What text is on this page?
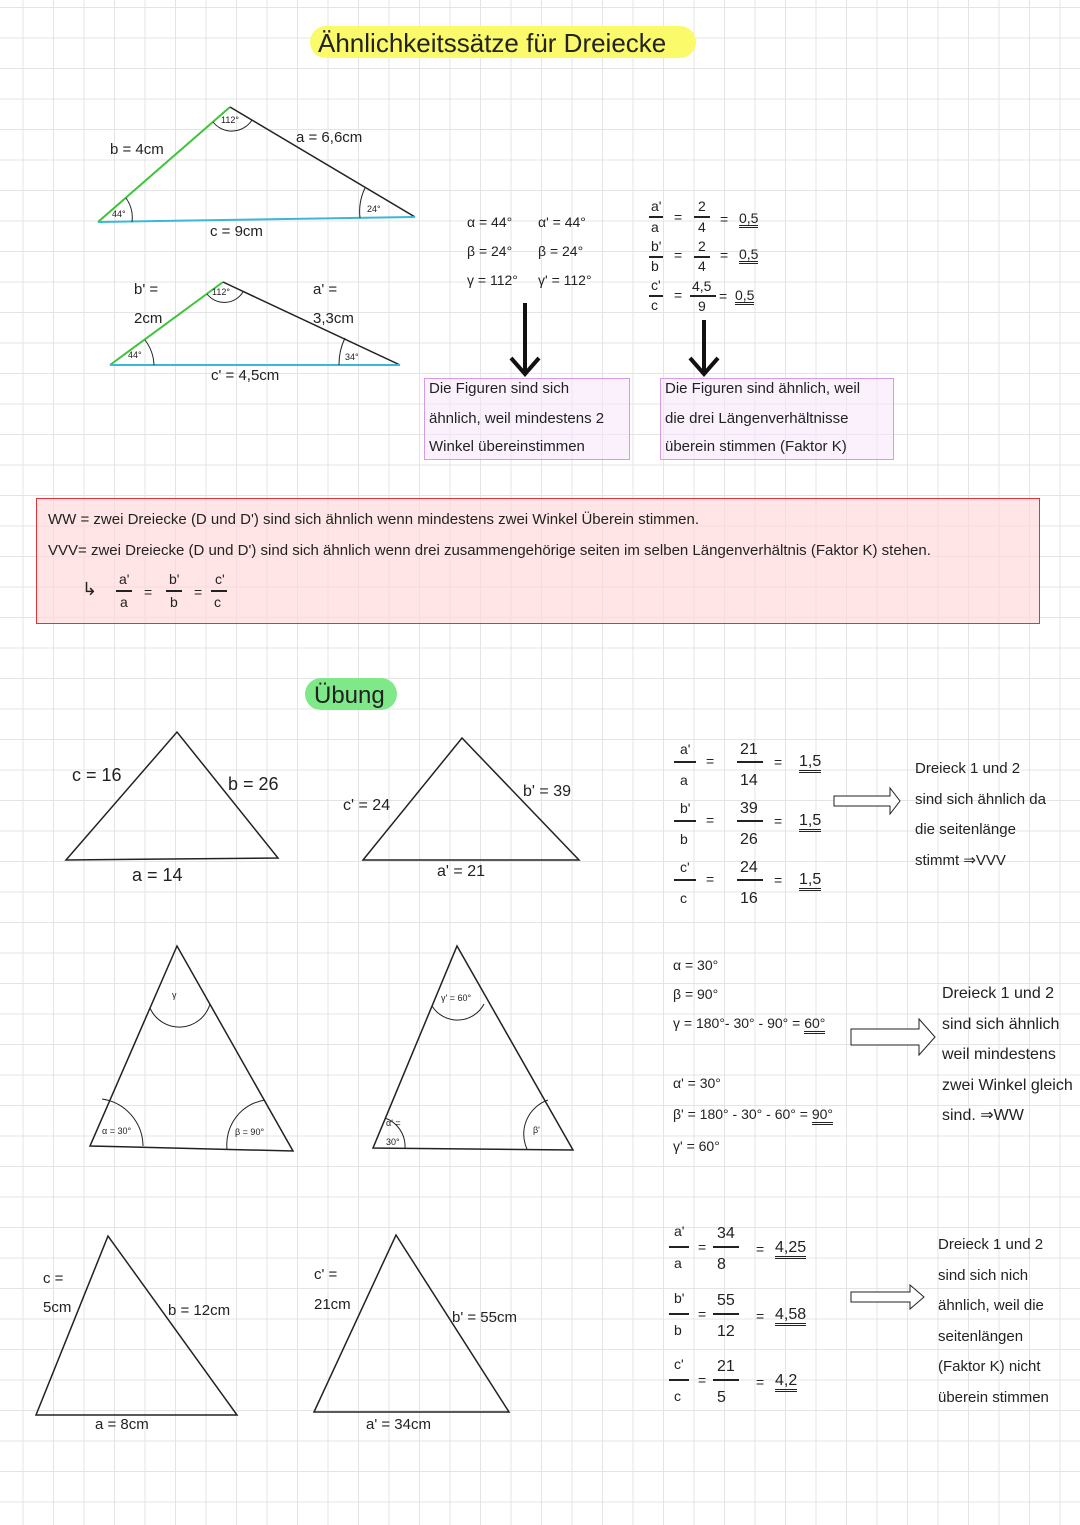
Ähnlichkeitssätze für Dreiecke
b = 4cm
a = 6,6cm
c = 9cm
44°	24°
112°
b' =
2cm
a' =
3,3cm
c' = 4,5cm
44°	34°
112°
α = 44° α' = 44°
β = 24° β = 24°
γ = 112° γ' = 112°
a'
a
=
2
4 = 0,5
b'
b
=
2
4
= 0,5
c'
c
=
4,5
9
= 0,5
Die Figuren sind sich
ähnlich, weil mindestens 2
Winkel übereinstimmen
Die Figuren sind ähnlich, weil
die drei Längenverhältnisse
überein stimmen (Faktor K)
WW = zwei Dreiecke (D und D') sind sich ähnlich wenn mindestens zwei Winkel Überein stimmen.
VVV= zwei Dreiecke (D und D') sind sich ähnlich wenn drei zusammengehörige seiten im selben Längenverhältnis (Faktor K) stehen.
↳ a'
a
=
b'
b
=
c'
c
Übung
c = 16	b = 26
a = 14
c' = 24
b' = 39
a' = 21
a'
a
=
21
14
= 1,5
b'
b
=
39
26
= 1,5
c'
c
=
24
16
= 1,5
Dreieck 1 und 2
sind sich ähnlich da
die seitenlänge
stimmt ⇒VVV
γ
α = 30°	β = 90°
γ' = 60°
α' =
30°
β'
α = 30°
β = 90°
γ = 180°- 30° - 90° = 60°
α' = 30°
β' = 180° - 30° - 60° = 90°
γ' = 60°
Dreieck 1 und 2
sind sich ähnlich
weil mindestens
zwei Winkel gleich
sind. ⇒WW
c =
5cm	b = 12cm
a = 8cm
c' =
21cm
b' = 55cm
a' = 34cm
a'
a
=
34
8
= 4,25
b'
b
=
55
12
= 4,58
c'
c
=
21
5
= 4,2
Dreieck 1 und 2
sind sich nich
ähnlich, weil die
seitenlängen
(Faktor K) nicht
überein stimmen
